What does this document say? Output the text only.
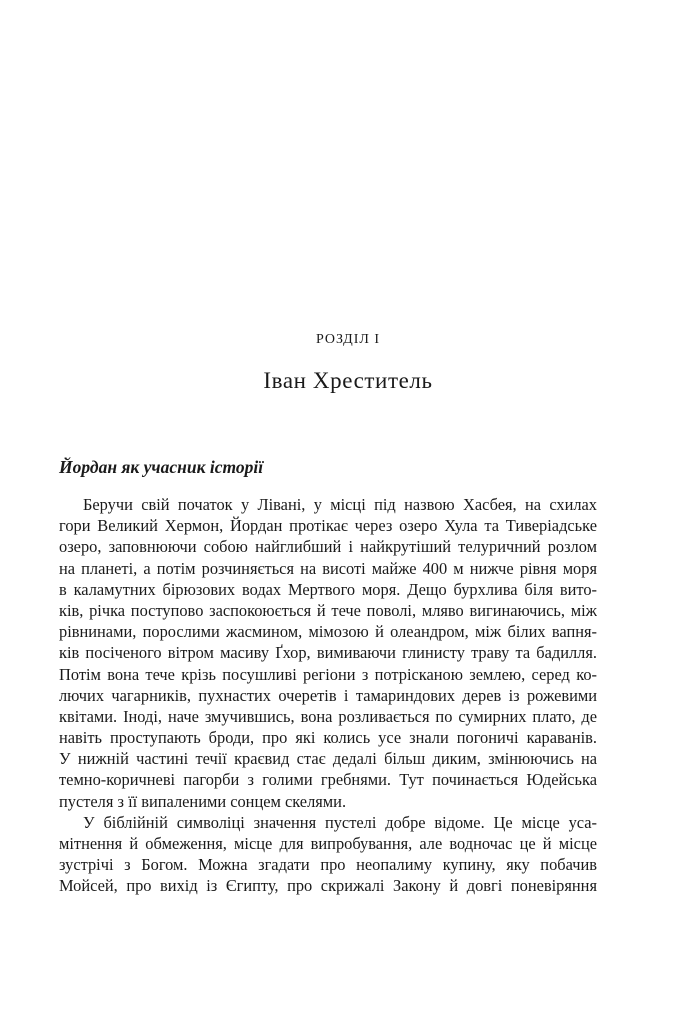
РОЗДІЛ І
Іван Хреститель
Йордан як учасник історії
Беручи свій початок у Лівані, у місці під назвою Хасбея, на схилах
гори Великий Хермон, Йордан протікає через озеро Хула та Тиверіадське
озеро, заповнюючи собою найглибший і найкрутіший телуричний розлом
на планеті, а потім розчиняється на висоті майже 400 м нижче рівня моря
в каламутних бірюзових водах Мертвого моря. Дещо бурхлива біля вито-
ків, річка поступово заспокоюється й тече поволі, мляво вигинаючись, між
рівнинами, порослими жасмином, мімозою й олеандром, між білих вапня-
ків посіченого вітром масиву Ґхор, вимиваючи глинисту траву та бадилля.
Потім вона тече крізь посушливі регіони з потрісканою землею, серед ко-
лючих чагарників, пухнастих очеретів і тамариндових дерев із рожевими
квітами. Іноді, наче змучившись, вона розливається по сумирних плато, де
навіть проступають броди, про які колись усе знали погоничі караванів.
У нижній частині течії краєвид стає дедалі більш диким, змінюючись на
темно-коричневі пагорби з голими гребнями. Тут починається Юдейська
пустеля з її випаленими сонцем скелями.
У біблійній символіці значення пустелі добре відоме. Це місце уса-
мітнення й обмеження, місце для випробування, але водночас це й місце
зустрічі з Богом. Можна згадати про неопалиму купину, яку побачив
Мойсей, про вихід із Єгипту, про скрижалі Закону й довгі поневіряння
